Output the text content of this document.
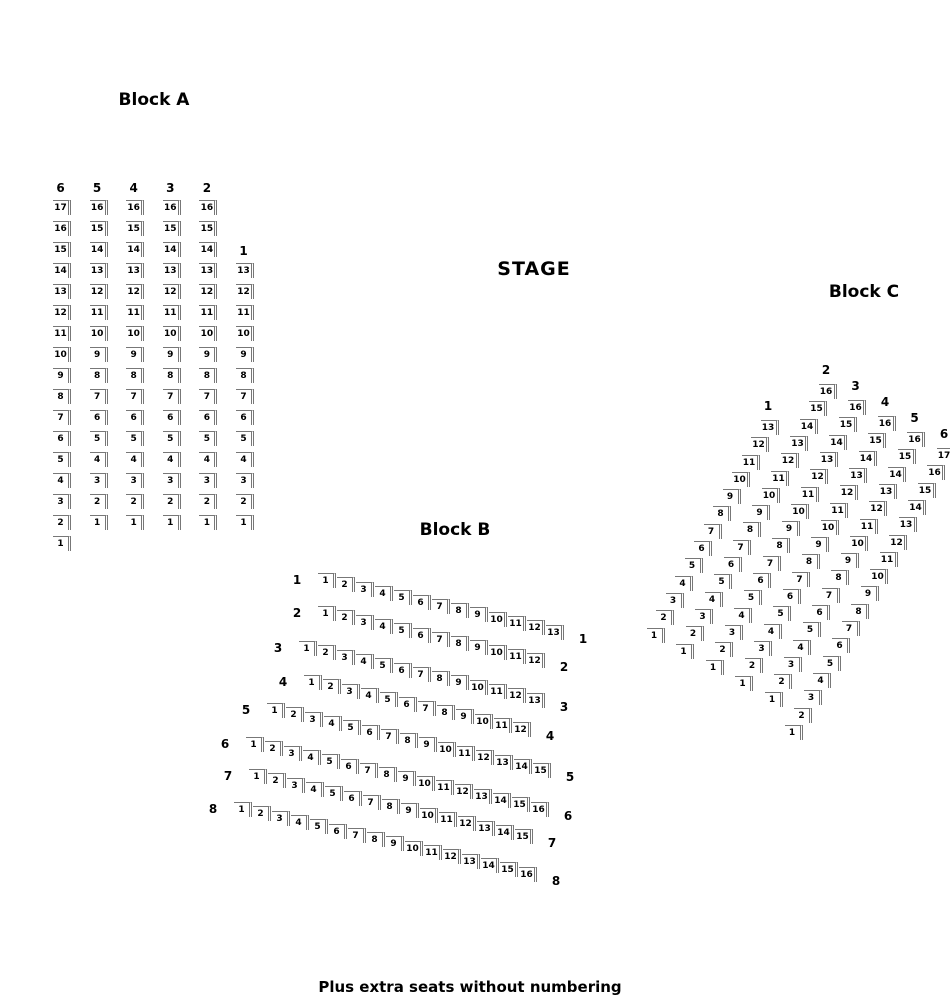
Block A
STAGE
Block C
Block B
Plus extra seats without numbering
6
17
16
15
14
13
12
11
10
9
8
7
6
5
4
3
2
1
5
16
15
14
13
12
11
10
9
8
7
6
5
4
3
2
1
4
16
15
14
13
12
11
10
9
8
7
6
5
4
3
2
1
3
16
15
14
13
12
11
10
9
8
7
6
5
4
3
2
1
2
16
15
14
13
12
11
10
9
8
7
6
5
4
3
2
1
1
13
12
11
10
9
8
7
6
5
4
3
2
1
1	1	2	3	4	5	6	7	8	9	10 11 12 13	1
2	1	2	3	4	5	6	7	8	9	10 11 12	2
3	1	2	3	4	5	6	7	8	9	10 11 12 13	3
4	1	2	3	4	5	6	7	8	9	10 11 12	4
5	1	2	3	4	5	6	7	8	9	10 11 12 13 14 15	5
6	1	2	3	4	5	6	7	8	9	10 11 12 13 14 15 16	6
7	1	2	3	4	5	6	7	8	9	10 11 12 13 14 15	7
8	1	2	3	4	5	6	7	8	9	10 11 12 13 14 15 16	8
1
13
12
11
10
9
8
7
6
5
4
3
2
1
2
16
15
14
13
12
11
10
9
8
7
6
5
4
3
2
1
3
16
15
14
13
12
11
10
9
8
7
6
5
4
3
2
1
4
16
15
14
13
12
11
10
9
8
7
6
5
4
3
2
1
5
16
15
14
13
12
11
10
9
8
7
6
5
4
3
2
1
6
17
16
15
14
13
12
11
10
9
8
7
6
5
4
3
2
1
